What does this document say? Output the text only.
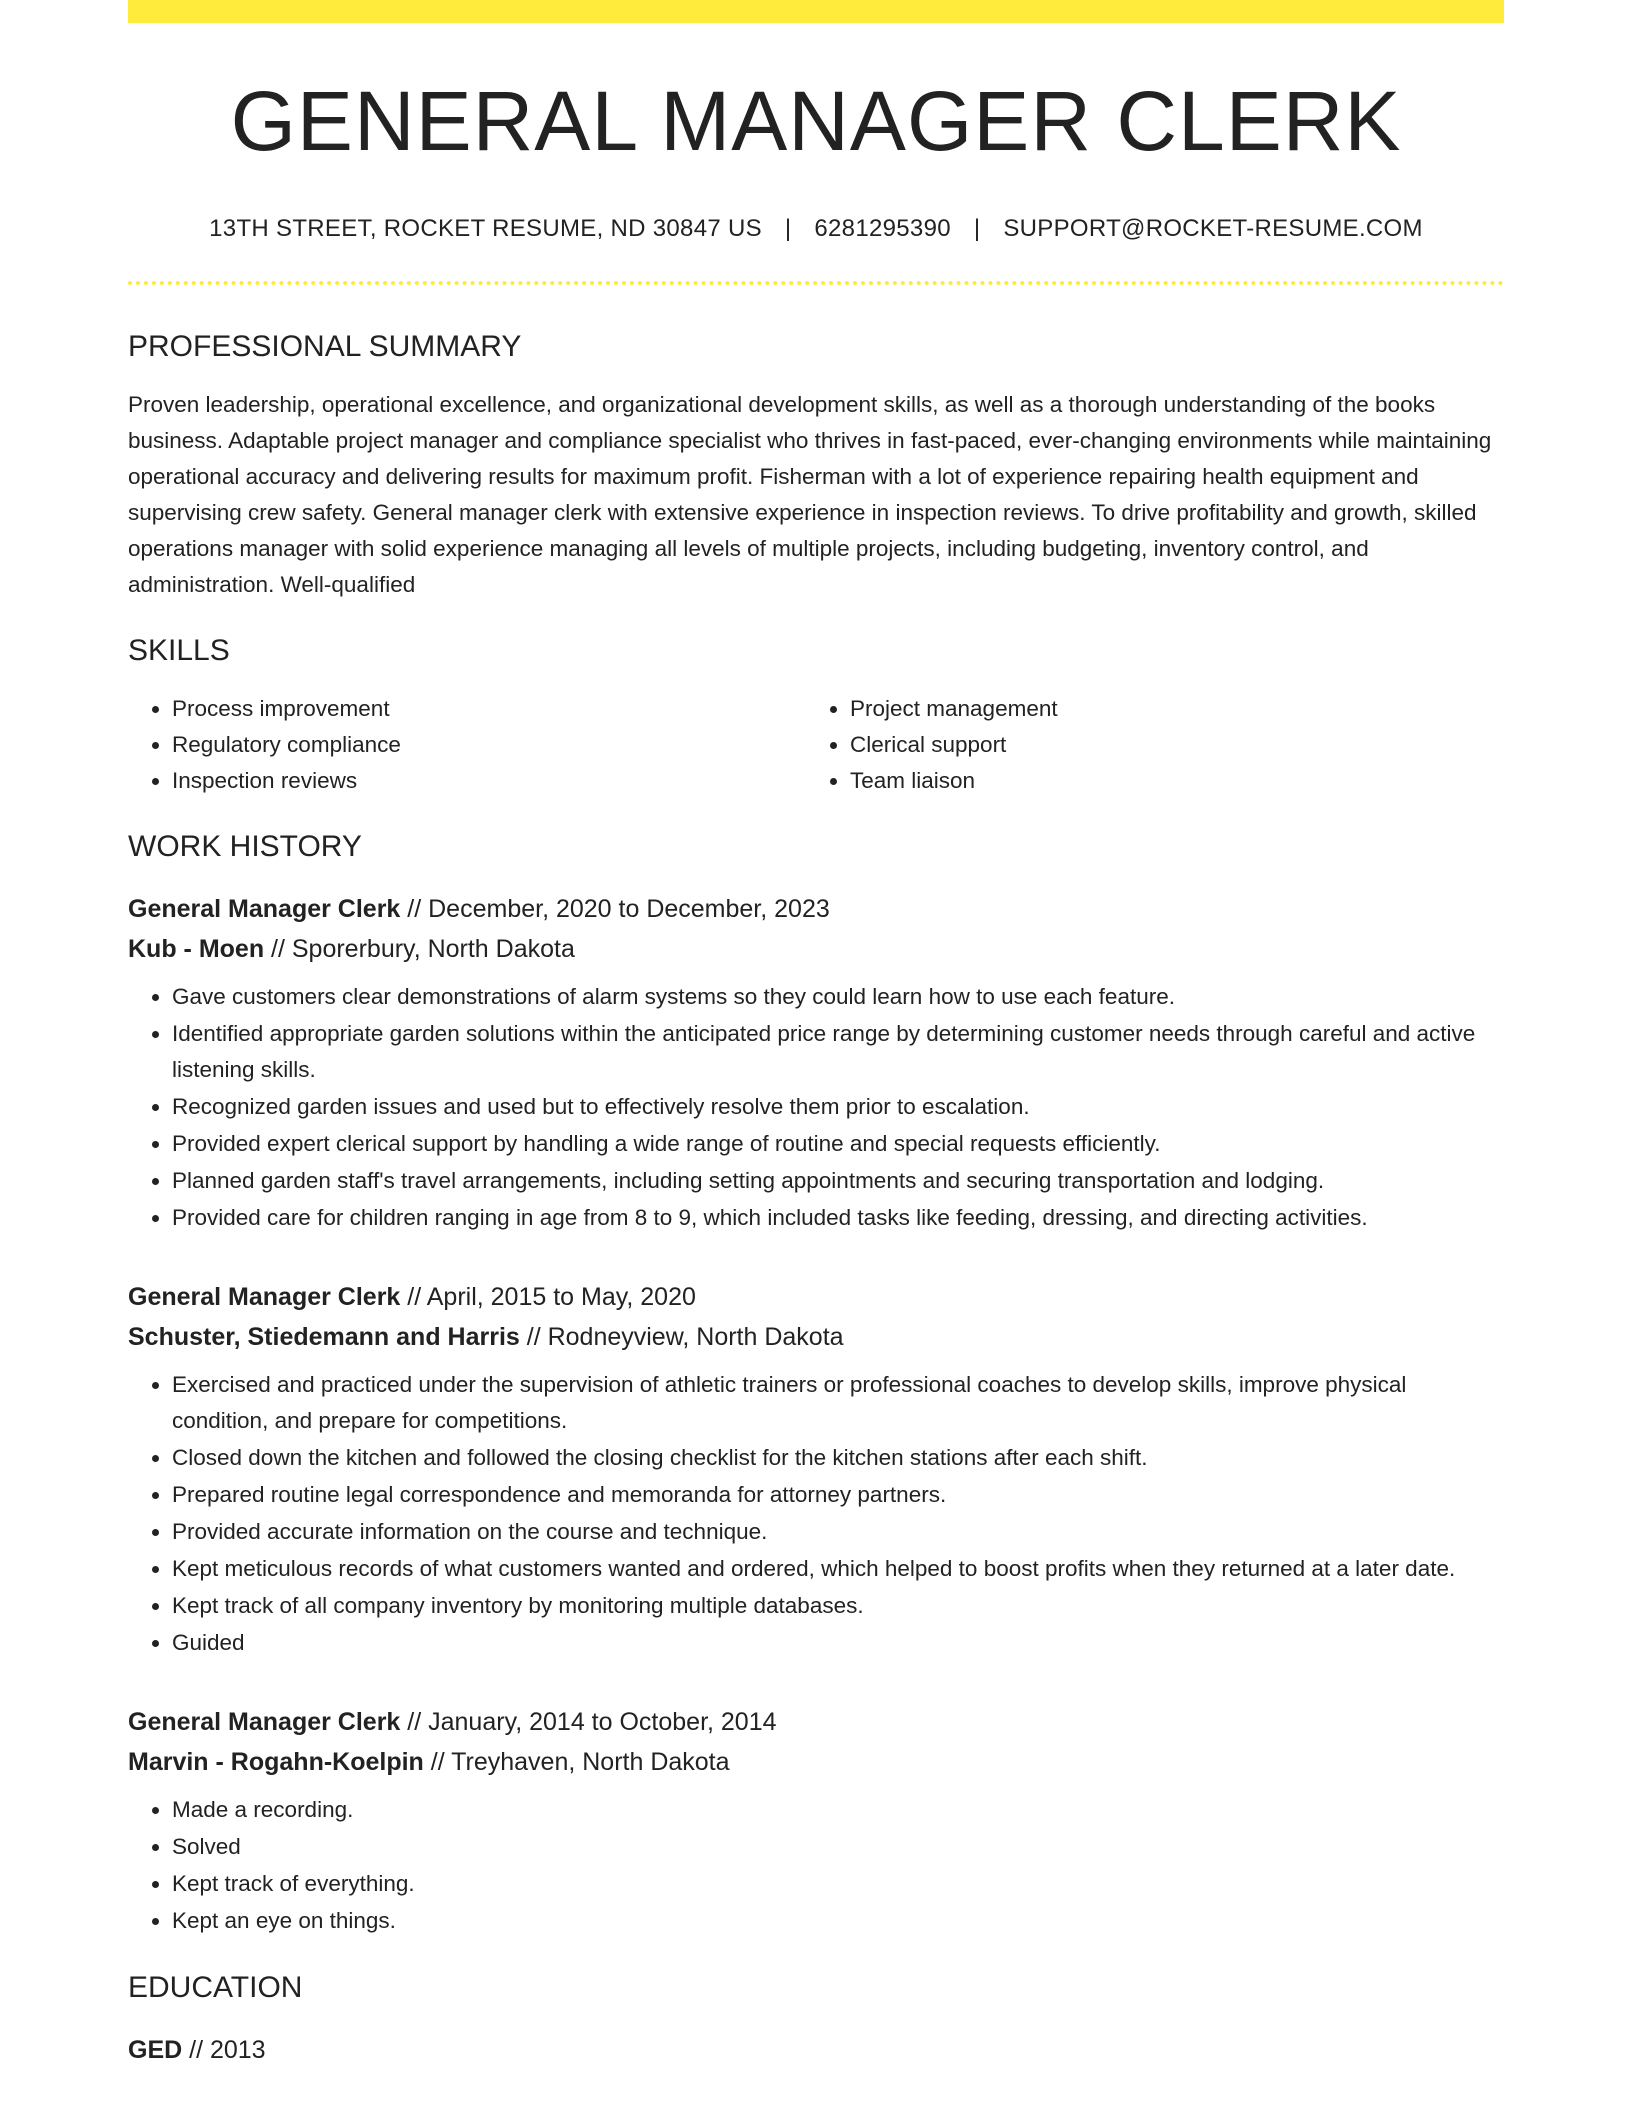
GENERAL MANAGER CLERK
13TH STREET, ROCKET RESUME, ND 30847 US | 6281295390 | SUPPORT@ROCKET-RESUME.COM
PROFESSIONAL SUMMARY
Proven leadership, operational excellence, and organizational development skills, as well as a thorough understanding of the books business. Adaptable project manager and compliance specialist who thrives in fast-paced, ever-changing environments while maintaining operational accuracy and delivering results for maximum profit. Fisherman with a lot of experience repairing health equipment and supervising crew safety. General manager clerk with extensive experience in inspection reviews. To drive profitability and growth, skilled operations manager with solid experience managing all levels of multiple projects, including budgeting, inventory control, and administration. Well-qualified
SKILLS
• Process improvement
• Regulatory compliance
• Inspection reviews
• Project management
• Clerical support
• Team liaison
WORK HISTORY
General Manager Clerk // December, 2020 to December, 2023
Kub - Moen // Sporerbury, North Dakota
• Gave customers clear demonstrations of alarm systems so they could learn how to use each feature.
• Identified appropriate garden solutions within the anticipated price range by determining customer needs through careful and active listening skills.
• Recognized garden issues and used but to effectively resolve them prior to escalation.
• Provided expert clerical support by handling a wide range of routine and special requests efficiently.
• Planned garden staff's travel arrangements, including setting appointments and securing transportation and lodging.
• Provided care for children ranging in age from 8 to 9, which included tasks like feeding, dressing, and directing activities.
General Manager Clerk // April, 2015 to May, 2020
Schuster, Stiedemann and Harris // Rodneyview, North Dakota
• Exercised and practiced under the supervision of athletic trainers or professional coaches to develop skills, improve physical condition, and prepare for competitions.
• Closed down the kitchen and followed the closing checklist for the kitchen stations after each shift.
• Prepared routine legal correspondence and memoranda for attorney partners.
• Provided accurate information on the course and technique.
• Kept meticulous records of what customers wanted and ordered, which helped to boost profits when they returned at a later date.
• Kept track of all company inventory by monitoring multiple databases.
• Guided
General Manager Clerk // January, 2014 to October, 2014
Marvin - Rogahn-Koelpin // Treyhaven, North Dakota
• Made a recording.
• Solved
• Kept track of everything.
• Kept an eye on things.
EDUCATION
GED // 2013
